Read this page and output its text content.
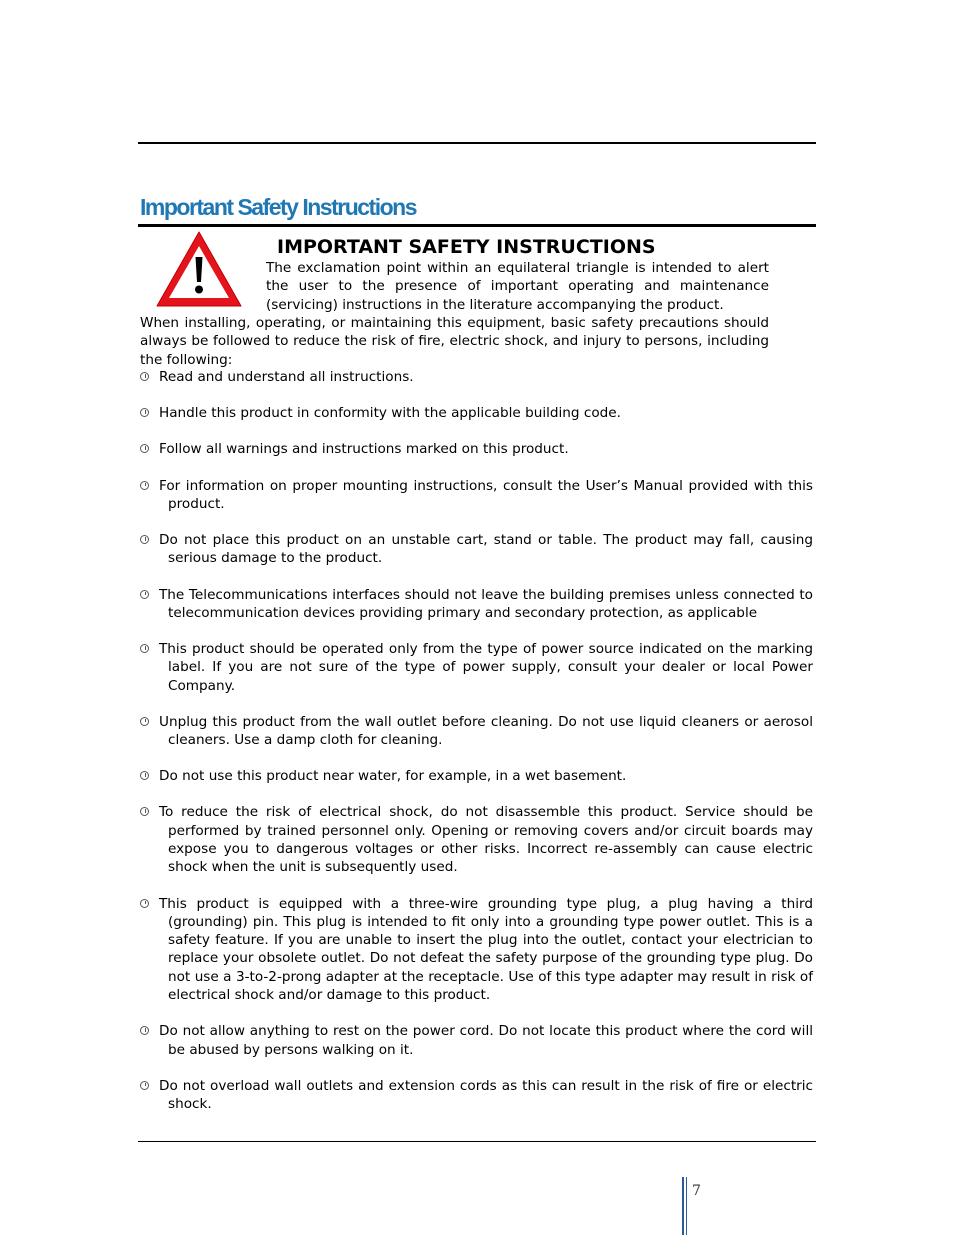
Important Safety Instructions
IMPORTANT SAFETY INSTRUCTIONS
The exclamation point within an equilateral triangle is intended to alert the user to the presence of important operating and maintenance (servicing) instructions in the literature accompanying the product.
When installing, operating, or maintaining this equipment, basic safety precautions should always be followed to reduce the risk of fire, electric shock, and injury to persons, including the following:
Read and understand all instructions.
Handle this product in conformity with the applicable building code.
Follow all warnings and instructions marked on this product.
For information on proper mounting instructions, consult the User’s Manual provided with this product.
Do not place this product on an unstable cart, stand or table. The product may fall, causing serious damage to the product.
The Telecommunications interfaces should not leave the building premises unless connected to telecommunication devices providing primary and secondary protection, as applicable
This product should be operated only from the type of power source indicated on the marking label. If you are not sure of the type of power supply, consult your dealer or local Power Company.
Unplug this product from the wall outlet before cleaning. Do not use liquid cleaners or aerosol cleaners. Use a damp cloth for cleaning.
Do not use this product near water, for example, in a wet basement.
To reduce the risk of electrical shock, do not disassemble this product. Service should be performed by trained personnel only. Opening or removing covers and/or circuit boards may expose you to dangerous voltages or other risks. Incorrect re-assembly can cause electric shock when the unit is subsequently used.
This product is equipped with a three-wire grounding type plug, a plug having a third (grounding) pin. This plug is intended to fit only into a grounding type power outlet. This is a safety feature. If you are unable to insert the plug into the outlet, contact your electrician to replace your obsolete outlet. Do not defeat the safety purpose of the grounding type plug. Do not use a 3-to-2-prong adapter at the receptacle. Use of this type adapter may result in risk of electrical shock and/or damage to this product.
Do not allow anything to rest on the power cord. Do not locate this product where the cord will be abused by persons walking on it.
Do not overload wall outlets and extension cords as this can result in the risk of fire or electric shock.
7
